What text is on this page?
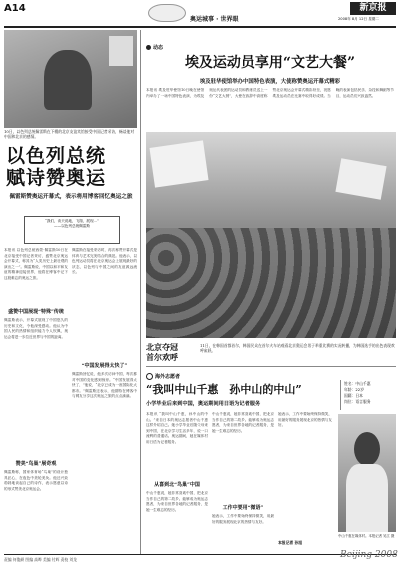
A14
奥运城事 · 世界眼
新京报
2008年 8月 12日 星期二
10日，以色列总统佩雷斯在下榻的北京友谊宾馆接受中国记者采访，畅谈他对中国和北京的感情。
以色列总统
赋诗赞奥运
佩雷斯赞奥运开幕式，表示将用博客回忆奥运之旅
“我们，谈天说地，飞翔，展现…”
——以色列总统佩雷斯
本报讯 以色列总统西蒙·佩雷斯10日在北京接受中国记者采访，盛赞北京奥运会开幕式，称其为“人类历史上最壮观的演出之一”。佩雷斯说，中国以和平和友谊的精神迎接世界，他将在博客中记下这段难忘的奥运之旅。
盛赞中国展现“特殊”传统
佩雷斯表示，开幕式展现了中国悠久的历史和文化，令他深受感动。他认为中国人民的热情和组织能力令人钦佩，奥运会将进一步拉近世界与中国的距离。
赞美“鸟巢”展奇观
佩雷斯称，国家体育场“鸟巢”的设计独具匠心，在夜色中美轮美奂。他还兴致勃勃地谈起自己的诗作，表示愿意以诗的形式赞美北京奥运会。
佩雷斯在接受采访时，再次称赞开幕式是体育与艺术完美结合的典范。他表示，以色列运动员将在北京奥运会上展现最好的状态，以色列与中国之间的友谊源远流长。
“中国发展得太快了”
佩雷斯回忆说，他多次访问中国，每次都对中国的变化感到惊讶。“中国发展得太快了，”他说，“北京已成为一座国际化大都市。”佩雷斯还表示，他期待在博客中与网友分享这次奥运之旅的点点滴滴。
动态
埃及运动员享用“文艺大餐”
埃及驻华使馆举办中国特色表演，大使称赞奥运开幕式精彩
本报讯 埃及驻华使馆10日晚在使馆内举办了一场中国特色表演，为埃及奥运代表团的运动员和教练员送上一份“文艺大餐”，大使在致辞中高度称赞北京奥运会开幕式精彩纷呈，祝愿埃及运动员在比赛中取得好成绩。当晚的表演包括民乐、杂技和舞蹈等节目，运动员们兴致盎然。
北京夺冠
首尔欢呼
11日，在韩国首都首尔，韩国民众在首尔火车站观看北京奥运会男子举重比赛的实况转播，为韩国选手的出色表现欢呼雀跃。
海外志愿者
“我叫中山千惠　孙中山的中山”
小学毕业后来到中国，奥运期间用日语为记者服务
姓名：中山千惠
年龄：22岁
国籍：日本
岗位：语言服务
本报讯 “我叫中山千惠，孙中山的中山。”来自日本的奥运志愿者中山千惠这样介绍自己。她小学毕业后随父母来到中国，在北京学习生活多年，说一口流利的普通话。奥运期间，她在媒体村用日语为记者服务。
从喜到北“鸟巢”中国
中山千惠说，她非常喜欢中国，把北京当作自己的第二故乡。能够成为奥运志愿者，为来自世界各地的记者服务，是她一生难忘的经历。
中山千惠说，她非常喜欢中国，把北京当作自己的第二故乡。能够成为奥运志愿者，为来自世界各地的记者服务，是她一生难忘的经历。
工作中要用“微语”
她表示，工作中要始终保持微笑，用最好的服务展现北京的热情与友好。
她表示，工作中要始终保持微笑，用最好的服务展现北京的热情与友好。
本报记者 孙旭
中山千惠在媒体村。本报记者 吴江 摄
责编 何俊颜 图编 高晔 美编 付辉 责校 刘龙	Beijing 2008
